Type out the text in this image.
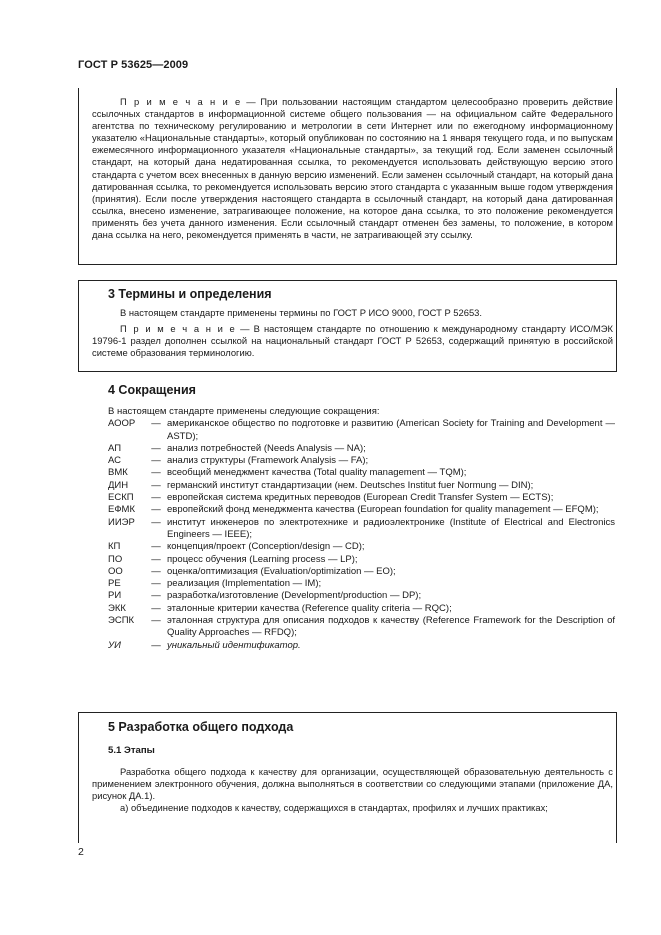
ГОСТ Р 53625—2009

П р и м е ч а н и е — При пользовании настоящим стандартом целесообразно проверить действие ссылочных стандартов в информационной системе общего пользования — на официальном сайте Федерального агентства по техническому регулированию и метрологии в сети Интернет или по ежегодному информационному указателю «Национальные стандарты», который опубликован по состоянию на 1 января текущего года, и по выпускам ежемесячного информационного указателя «Национальные стандарты», за текущий год. Если заменен ссылочный стандарт, на который дана недатированная ссылка, то рекомендуется использовать действующую версию этого стандарта с учетом всех внесенных в данную версию изменений. Если заменен ссылочный стандарт, на который дана датированная ссылка, то рекомендуется использовать версию этого стандарта с указанным выше годом утверждения (принятия). Если после утверждения настоящего стандарта в ссылочный стандарт, на который дана датированная ссылка, внесено изменение, затрагивающее положение, на которое дана ссылка, то это положение рекомендуется применять без учета данного изменения. Если ссылочный стандарт отменен без замены, то положение, в котором дана ссылка на него, рекомендуется применять в части, не затрагивающей эту ссылку.

3 Термины и определения

В настоящем стандарте применены термины по ГОСТ Р ИСО 9000, ГОСТ Р 52653.

П р и м е ч а н и е — В настоящем стандарте по отношению к международному стандарту ИСО/МЭК 19796-1 раздел дополнен ссылкой на национальный стандарт ГОСТ Р 52653, содержащий принятую в российской системе образования терминологию.

4 Сокращения
В настоящем стандарте применены следующие сокращения:
АООР	— американское общество по подготовке и развитию (American Society for Training and Development — ASTD);
АП	— анализ потребностей (Needs Analysis — NA);
АС	— анализ структуры (Framework Analysis — FA);
ВМК	— всеобщий менеджмент качества (Total quality management — TQM);
ДИН	— германский институт стандартизации (нем. Deutsches Institut fuer Normung — DIN);
ЕСКП	— европейская система кредитных переводов (European Credit Transfer System — ECTS);
ЕФМК	— европейский фонд менеджмента качества (European foundation for quality management — EFQM);
ИИЭР	— институт инженеров по электротехнике и радиоэлектронике (Institute of Electrical and Electronics Engineers — IEEE);
КП	— концепция/проект (Conception/design — CD);
ПО	— процесс обучения (Learning process — LP);
ОО	— оценка/оптимизация (Evaluation/optimization — EO);
РЕ	— реализация (Implementation — IM);
РИ	— разработка/изготовление (Development/production — DP);
ЭКК	— эталонные критерии качества (Reference quality criteria — RQC);
ЭСПК	— эталонная структура для описания подходов к качеству (Reference Framework for the Description of Quality Approaches — RFDQ);
УИ	— уникальный идентификатор.
5 Разработка общего подхода
5.1 Этапы

Разработка общего подхода к качеству для организации, осуществляющей образовательную деятельность с применением электронного обучения, должна выполняться в соответствии со следующими этапами (приложение ДА, рисунок ДА.1).

а) объединение подходов к качеству, содержащихся в стандартах, профилях и лучших практиках;

2
